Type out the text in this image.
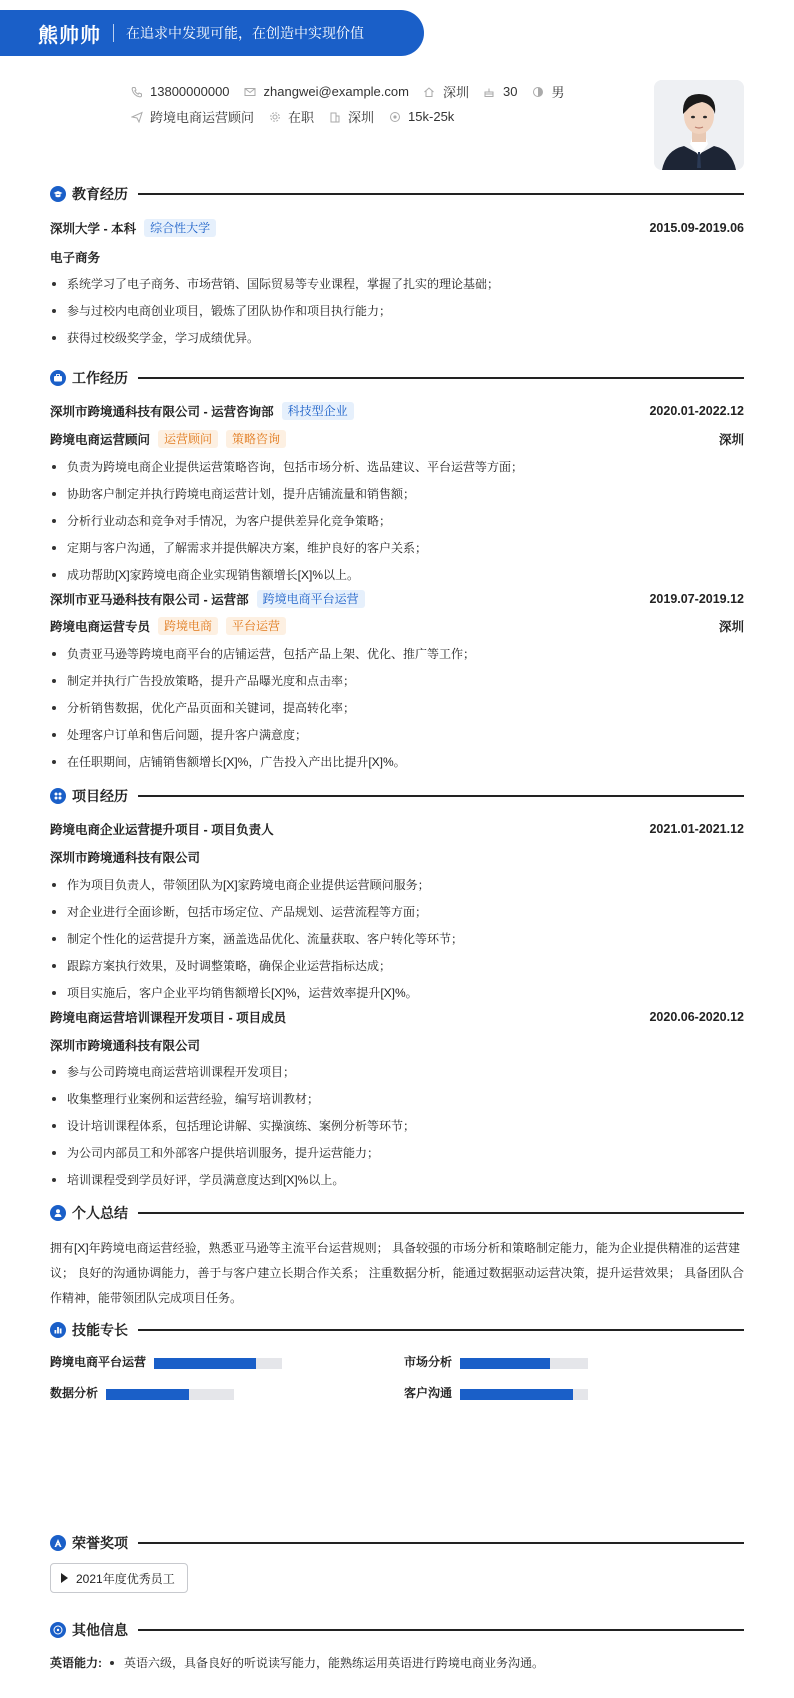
熊帅帅 在追求中发现可能，在创造中实现价值
13800000000	zhangwei@example.com	深圳	30	男
跨境电商运营顾问	在职	深圳	15k-25k
教育经历
深圳大学 - 本科	综合性大学	2015.09-2019.06
电子商务
系统学习了电子商务、市场营销、国际贸易等专业课程，掌握了扎实的理论基础；
参与过校内电商创业项目，锻炼了团队协作和项目执行能力；
获得过校级奖学金，学习成绩优异。
工作经历
深圳市跨境通科技有限公司 - 运营咨询部	科技型企业	2020.01-2022.12
跨境电商运营顾问	运营顾问	策略咨询	深圳
负责为跨境电商企业提供运营策略咨询，包括市场分析、选品建议、平台运营等方面；
协助客户制定并执行跨境电商运营计划，提升店铺流量和销售额；
分析行业动态和竞争对手情况，为客户提供差异化竞争策略；
定期与客户沟通，了解需求并提供解决方案，维护良好的客户关系；
成功帮助[X]家跨境电商企业实现销售额增长[X]%以上。
深圳市亚马逊科技有限公司 - 运营部	跨境电商平台运营	2019.07-2019.12
跨境电商运营专员	跨境电商	平台运营	深圳
负责亚马逊等跨境电商平台的店铺运营，包括产品上架、优化、推广等工作；
制定并执行广告投放策略，提升产品曝光度和点击率；
分析销售数据，优化产品页面和关键词，提高转化率；
处理客户订单和售后问题，提升客户满意度；
在任职期间，店铺销售额增长[X]%，广告投入产出比提升[X]%。
项目经历
跨境电商企业运营提升项目 - 项目负责人	2021.01-2021.12
深圳市跨境通科技有限公司
作为项目负责人，带领团队为[X]家跨境电商企业提供运营顾问服务；
对企业进行全面诊断，包括市场定位、产品规划、运营流程等方面；
制定个性化的运营提升方案，涵盖选品优化、流量获取、客户转化等环节；
跟踪方案执行效果，及时调整策略，确保企业运营指标达成；
项目实施后，客户企业平均销售额增长[X]%，运营效率提升[X]%。
跨境电商运营培训课程开发项目 - 项目成员	2020.06-2020.12
深圳市跨境通科技有限公司
参与公司跨境电商运营培训课程开发项目；
收集整理行业案例和运营经验，编写培训教材；
设计培训课程体系，包括理论讲解、实操演练、案例分析等环节；
为公司内部员工和外部客户提供培训服务，提升运营能力；
培训课程受到学员好评，学员满意度达到[X]%以上。
个人总结
拥有[X]年跨境电商运营经验，熟悉亚马逊等主流平台运营规则； 具备较强的市场分析和策略制定能力，能为企业提供精准的运营建议； 良好的沟通协调能力，善于与客户建立长期合作关系； 注重数据分析，能通过数据驱动运营决策，提升运营效果； 具备团队合作精神，能带领团队完成项目任务。
技能专长
跨境电商平台运营	市场分析
数据分析	客户沟通
荣誉奖项
2021年度优秀员工
其他信息
英语能力: 英语六级，具备良好的听说读写能力，能熟练运用英语进行跨境电商业务沟通。
